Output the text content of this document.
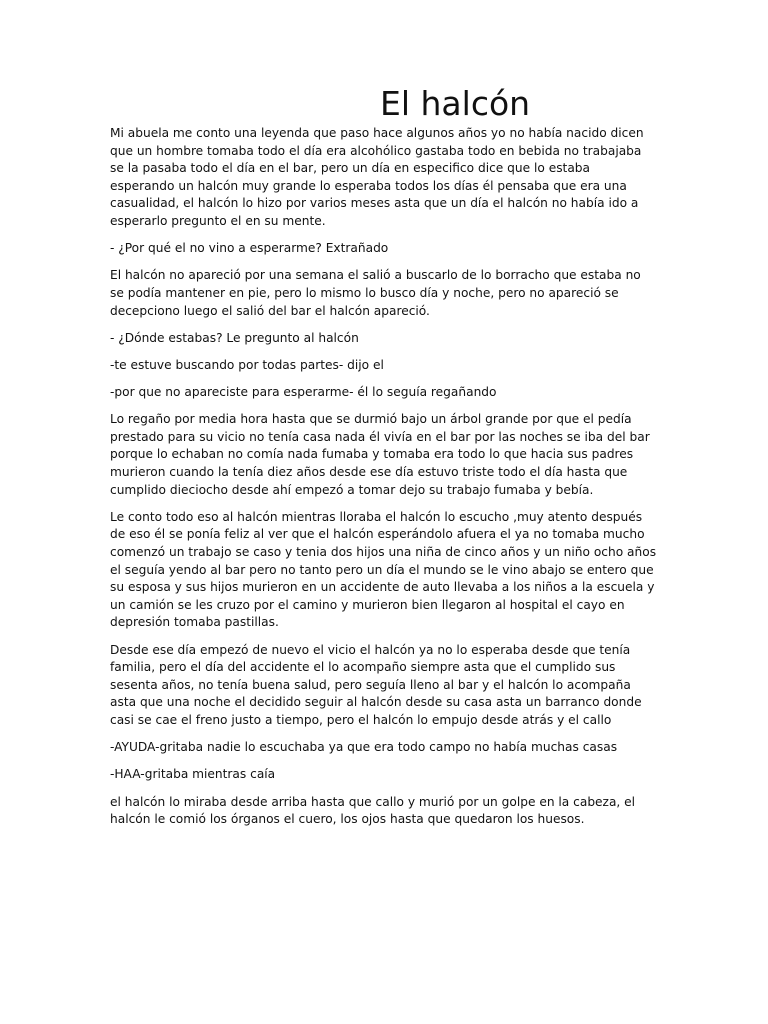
El halcón

Mi abuela me conto una leyenda que paso hace algunos años yo no había nacido dicen que un hombre tomaba todo el día era alcohólico gastaba todo en bebida no trabajaba se la pasaba todo el día en el bar, pero un día en especifico dice que lo estaba esperando un halcón muy grande lo esperaba todos los días él pensaba que era una casualidad, el halcón lo hizo por varios meses asta que un día el halcón no había ido a esperarlo pregunto el en su mente.

- ¿Por qué el no vino a esperarme? Extrañado

El halcón no apareció por una semana el salió a buscarlo de lo borracho que estaba no se podía mantener en pie, pero lo mismo lo busco día y noche, pero no apareció se decepciono luego el salió del bar el halcón apareció.

- ¿Dónde estabas? Le pregunto al halcón

-te estuve buscando por todas partes- dijo el

-por que no apareciste para esperarme- él lo seguía regañando

Lo regaño por media hora hasta que se durmió bajo un árbol grande por que el pedía prestado para su vicio no tenía casa nada él vivía en el bar por las noches se iba del bar porque lo echaban no comía nada fumaba y tomaba era todo lo que hacia sus padres murieron cuando la tenía diez años desde ese día estuvo triste todo el día hasta que cumplido dieciocho desde ahí empezó a tomar dejo su trabajo fumaba y bebía.

Le conto todo eso al halcón mientras lloraba el halcón lo escucho ,muy atento después de eso él se ponía feliz al ver que el halcón esperándolo afuera el ya no tomaba mucho comenzó un trabajo se caso y tenia dos hijos una niña de cinco años y un niño ocho años el seguía yendo al bar pero no tanto pero un día el mundo se le vino abajo se entero que su esposa y sus hijos murieron en un accidente de auto llevaba a los niños a la escuela y un camión se les cruzo por el camino y murieron bien llegaron al hospital el cayo en depresión tomaba pastillas.

Desde ese día empezó de nuevo el vicio el halcón ya no lo esperaba desde que tenía familia, pero el día del accidente el lo acompaño siempre asta que el cumplido sus sesenta años, no tenía buena salud, pero seguía lleno al bar y el halcón lo acompaña asta que una noche el decidido seguir al halcón desde su casa asta un barranco donde casi se cae el freno justo a tiempo, pero el halcón lo empujo desde atrás y el callo

-AYUDA-gritaba nadie lo escuchaba ya que era todo campo no había muchas casas

-HAA-gritaba mientras caía

el halcón lo miraba desde arriba hasta que callo y murió por un golpe en la cabeza, el halcón le comió los órganos el cuero, los ojos hasta que quedaron los huesos.
